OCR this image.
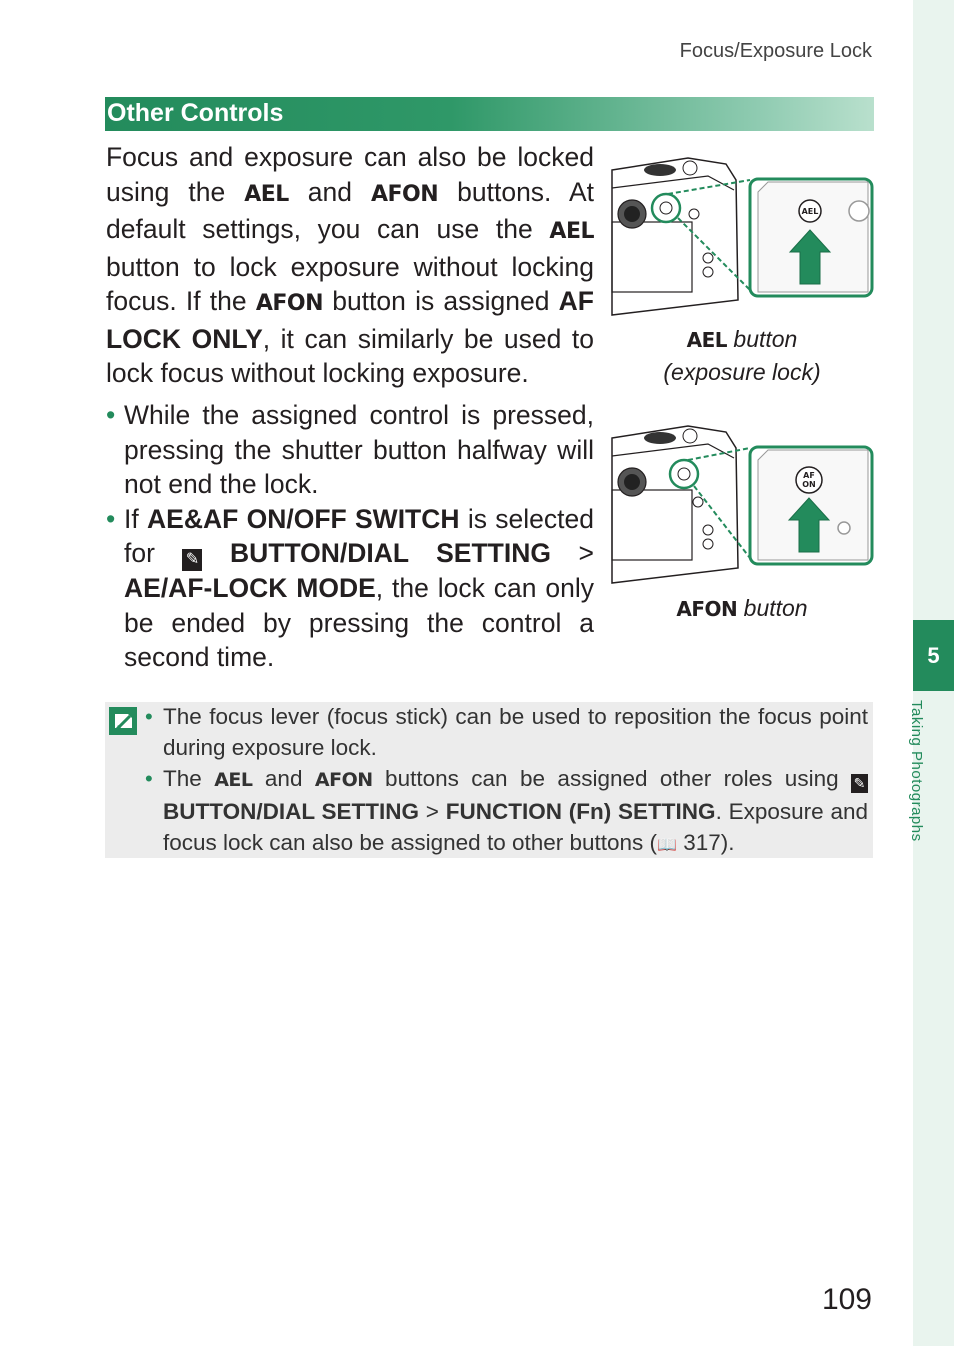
5
Taking Photographs
Focus/Exposure Lock
Other Controls

Focus and exposure can also be locked using the AEL and AFON buttons. At default settings, you can use the AEL button to lock exposure without locking focus. If the AFON button is assigned AF LOCK ONLY, it can similarly be used to lock focus without locking exposure.

• While the assigned control is pressed, pressing the shutter button halfway will not end the lock.

• If AE&AF ON/OFF SWITCH is selected for ✎ BUTTON/DIAL SETTING > AE/AF-LOCK MODE, the lock can only be ended by pressing the control a second time.

AEL
AEL button
(exposure lock)
AF
ON
AFON button

• The focus lever (focus stick) can be used to reposition the focus point during exposure lock.

• The AEL and AFON buttons can be assigned other roles using ✎ BUTTON/DIAL SETTING > FUNCTION (Fn) SETTING. Exposure and focus lock can also be assigned to other buttons (📖 317).

109
